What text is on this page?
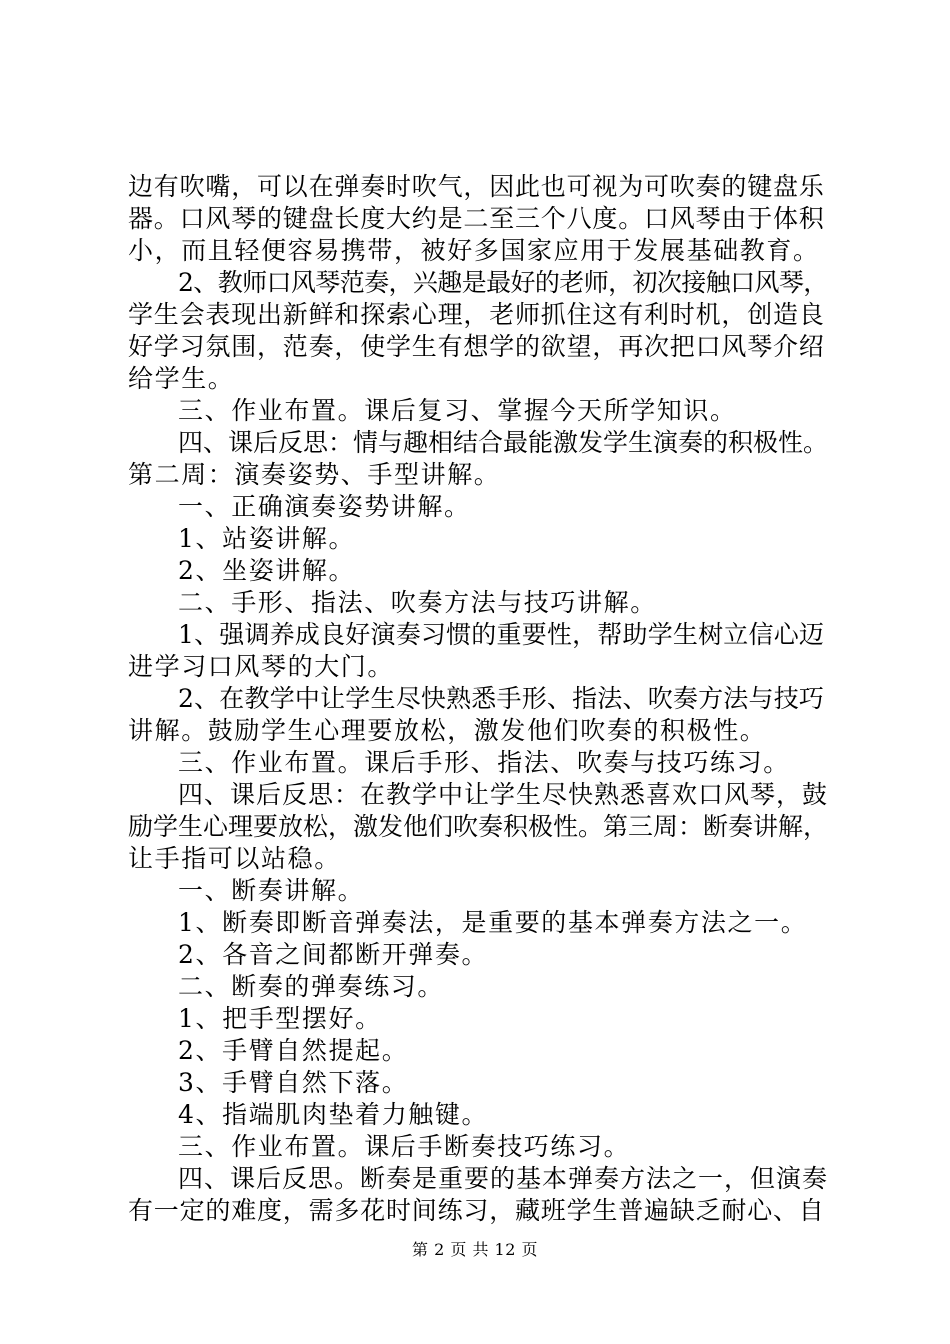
边有吹嘴，可以在弹奏时吹气，因此也可视为可吹奏的键盘乐
器。口风琴的键盘长度大约是二至三个八度。口风琴由于体积
小，而且轻便容易携带，被好多国家应用于发展基础教育。
2、教师口风琴范奏，兴趣是最好的老师，初次接触口风琴，
学生会表现出新鲜和探索心理，老师抓住这有利时机，创造良
好学习氛围，范奏，使学生有想学的欲望，再次把口风琴介绍
给学生。
三、作业布置。课后复习、掌握今天所学知识。
四、课后反思：情与趣相结合最能激发学生演奏的积极性。
第二周：演奏姿势、手型讲解。
一、正确演奏姿势讲解。
1、站姿讲解。
2、坐姿讲解。
二、手形、指法、吹奏方法与技巧讲解。
1、强调养成良好演奏习惯的重要性，帮助学生树立信心迈
进学习口风琴的大门。
2、在教学中让学生尽快熟悉手形、指法、吹奏方法与技巧
讲解。鼓励学生心理要放松，激发他们吹奏的积极性。
三、作业布置。课后手形、指法、吹奏与技巧练习。
四、课后反思：在教学中让学生尽快熟悉喜欢口风琴，鼓
励学生心理要放松，激发他们吹奏积极性。第三周：断奏讲解，
让手指可以站稳。
一、断奏讲解。
1、断奏即断音弹奏法，是重要的基本弹奏方法之一。
2、各音之间都断开弹奏。
二、断奏的弹奏练习。
1、把手型摆好。
2、手臂自然提起。
3、手臂自然下落。
4、指端肌肉垫着力触键。
三、作业布置。课后手断奏技巧练习。
四、课后反思。断奏是重要的基本弹奏方法之一，但演奏
有一定的难度，需多花时间练习，藏班学生普遍缺乏耐心、自
第 2 页 共 12 页
